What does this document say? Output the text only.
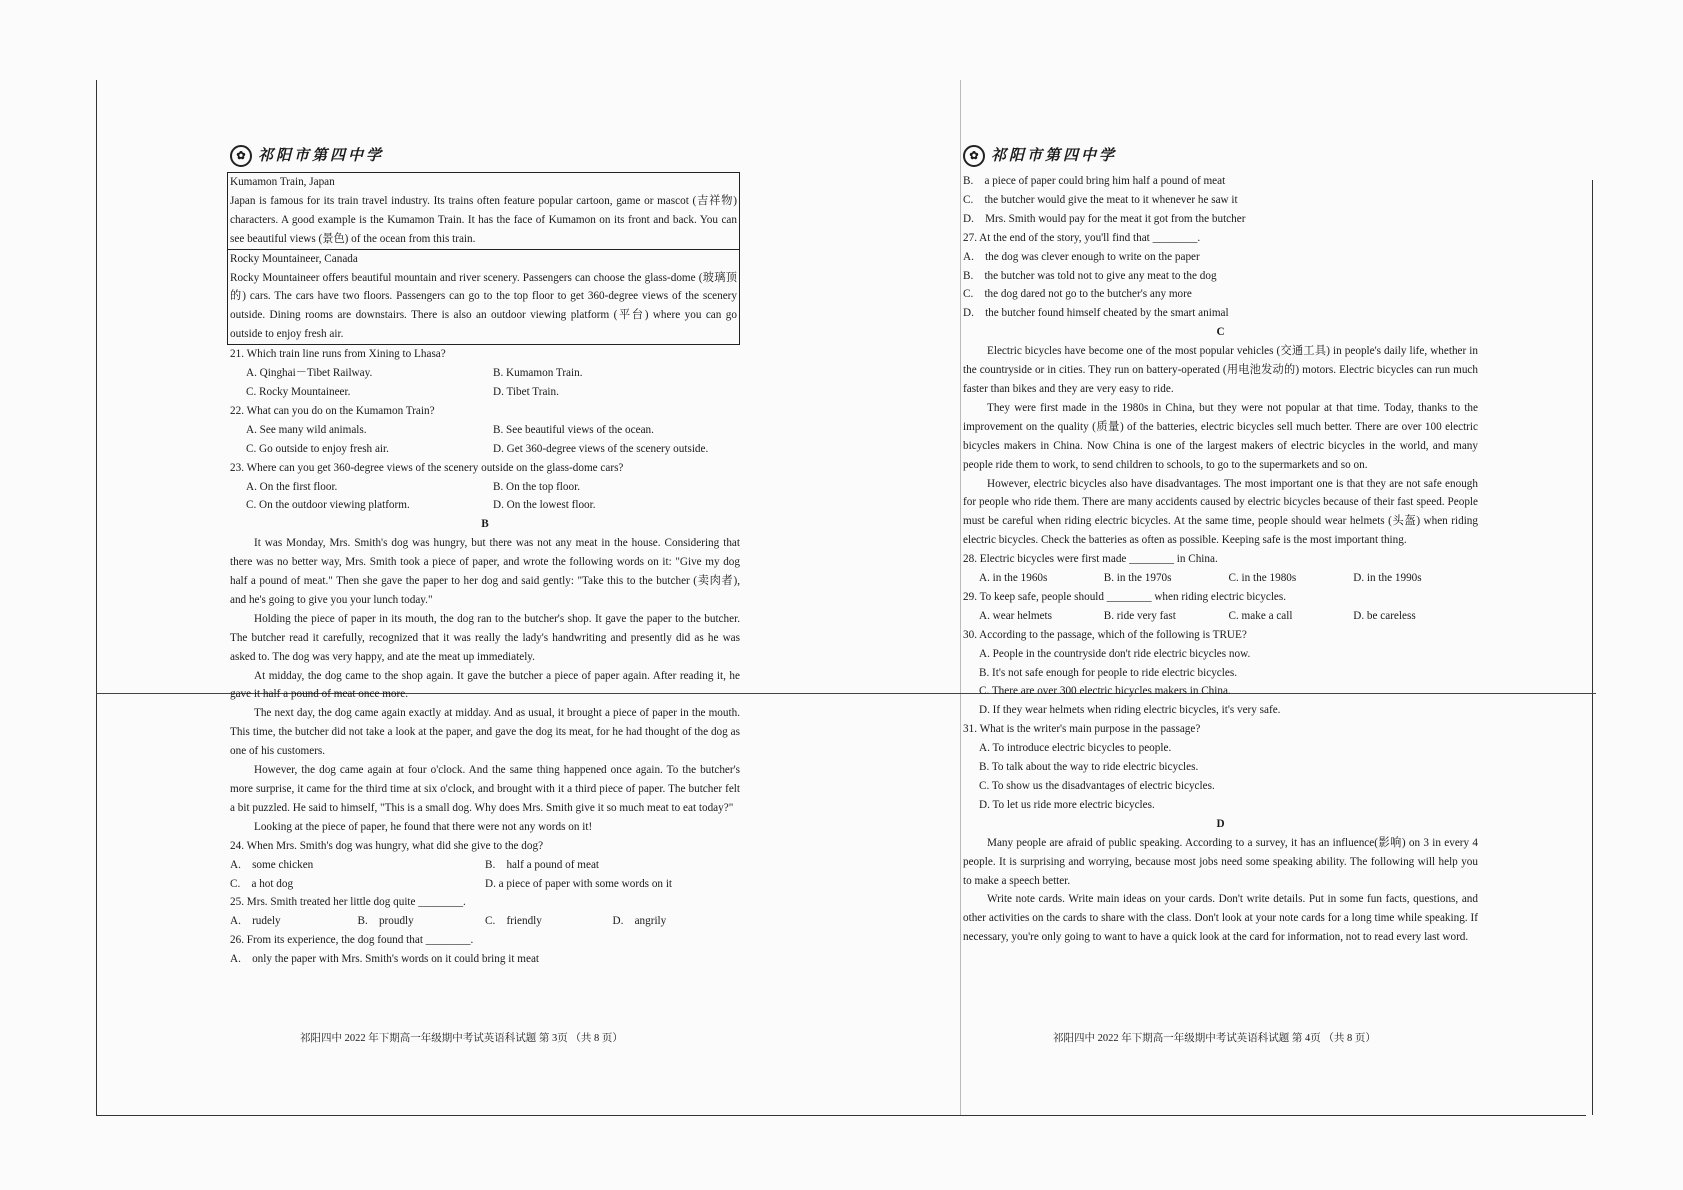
✿ 祁阳市第四中学
Kumamon Train, Japan
Japan is famous for its train travel industry. Its trains often feature popular cartoon, game or mascot (吉祥物) characters. A good example is the Kumamon Train. It has the face of Kumamon on its front and back. You can see beautiful views (景色) of the ocean from this train.
Rocky Mountaineer, Canada
Rocky Mountaineer offers beautiful mountain and river scenery. Passengers can choose the glass-dome (玻璃顶的) cars. The cars have two floors. Passengers can go to the top floor to get 360-degree views of the scenery outside. Dining rooms are downstairs. There is also an outdoor viewing platform (平台) where you can go outside to enjoy fresh air.
21. Which train line runs from Xining to Lhasa?
A. Qinghai－Tibet Railway.	B. Kumamon Train.
C. Rocky Mountaineer.	D. Tibet Train.
22. What can you do on the Kumamon Train?
A. See many wild animals.	B. See beautiful views of the ocean.
C. Go outside to enjoy fresh air.	D. Get 360-degree views of the scenery outside.
23. Where can you get 360-degree views of the scenery outside on the glass-dome cars?
A. On the first floor.	B. On the top floor.
C. On the outdoor viewing platform.	D. On the lowest floor.
B
It was Monday, Mrs. Smith's dog was hungry, but there was not any meat in the house. Considering that there was no better way, Mrs. Smith took a piece of paper, and wrote the following words on it: "Give my dog half a pound of meat." Then she gave the paper to her dog and said gently: "Take this to the butcher (卖肉者), and he's going to give you your lunch today."
Holding the piece of paper in its mouth, the dog ran to the butcher's shop. It gave the paper to the butcher. The butcher read it carefully, recognized that it was really the lady's handwriting and presently did as he was asked to. The dog was very happy, and ate the meat up immediately.
At midday, the dog came to the shop again. It gave the butcher a piece of paper again. After reading it, he gave it half a pound of meat once more.
The next day, the dog came again exactly at midday. And as usual, it brought a piece of paper in the mouth. This time, the butcher did not take a look at the paper, and gave the dog its meat, for he had thought of the dog as one of his customers.
However, the dog came again at four o'clock. And the same thing happened once again. To the butcher's more surprise, it came for the third time at six o'clock, and brought with it a third piece of paper. The butcher felt a bit puzzled. He said to himself, "This is a small dog. Why does Mrs. Smith give it so much meat to eat today?"
Looking at the piece of paper, he found that there were not any words on it!
24. When Mrs. Smith's dog was hungry, what did she give to the dog?
A.　some chicken	B.　half a pound of meat
C.　a hot dog	D. a piece of paper with some words on it
25. Mrs. Smith treated her little dog quite ________.
A.　rudely	B.　proudly	C.　friendly	D.　angrily
26. From its experience, the dog found that ________.
A.　only the paper with Mrs. Smith's words on it could bring it meat
祁阳四中 2022 年下期高一年级期中考试英语科试题 第 3页 （共 8 页）
✿ 祁阳市第四中学
B.　a piece of paper could bring him half a pound of meat
C.　the butcher would give the meat to it whenever he saw it
D.　Mrs. Smith would pay for the meat it got from the butcher
27. At the end of the story, you'll find that ________.
A.　the dog was clever enough to write on the paper
B.　the butcher was told not to give any meat to the dog
C.　the dog dared not go to the butcher's any more
D.　the butcher found himself cheated by the smart animal
C
Electric bicycles have become one of the most popular vehicles (交通工具) in people's daily life, whether in the countryside or in cities. They run on battery-operated (用电池发动的) motors. Electric bicycles can run much faster than bikes and they are very easy to ride.
They were first made in the 1980s in China, but they were not popular at that time. Today, thanks to the improvement on the quality (质量) of the batteries, electric bicycles sell much better. There are over 100 electric bicycles makers in China. Now China is one of the largest makers of electric bicycles in the world, and many people ride them to work, to send children to schools, to go to the supermarkets and so on.
However, electric bicycles also have disadvantages. The most important one is that they are not safe enough for people who ride them. There are many accidents caused by electric bicycles because of their fast speed. People must be careful when riding electric bicycles. At the same time, people should wear helmets (头盔) when riding electric bicycles. Check the batteries as often as possible. Keeping safe is the most important thing.
28. Electric bicycles were first made ________ in China.
A. in the 1960s	B. in the 1970s	C. in the 1980s	D. in the 1990s
29. To keep safe, people should ________ when riding electric bicycles.
A. wear helmets	B. ride very fast	C. make a call	D. be careless
30. According to the passage, which of the following is TRUE?
A. People in the countryside don't ride electric bicycles now.
B. It's not safe enough for people to ride electric bicycles.
C. There are over 300 electric bicycles makers in China.
D. If they wear helmets when riding electric bicycles, it's very safe.
31. What is the writer's main purpose in the passage?
A. To introduce electric bicycles to people.
B. To talk about the way to ride electric bicycles.
C. To show us the disadvantages of electric bicycles.
D. To let us ride more electric bicycles.
D
Many people are afraid of public speaking. According to a survey, it has an influence(影响) on 3 in every 4 people. It is surprising and worrying, because most jobs need some speaking ability. The following will help you to make a speech better.
Write note cards. Write main ideas on your cards. Don't write details. Put in some fun facts, questions, and other activities on the cards to share with the class. Don't look at your note cards for a long time while speaking. If necessary, you're only going to want to have a quick look at the card for information, not to read every last word.
祁阳四中 2022 年下期高一年级期中考试英语科试题 第 4页 （共 8 页）
